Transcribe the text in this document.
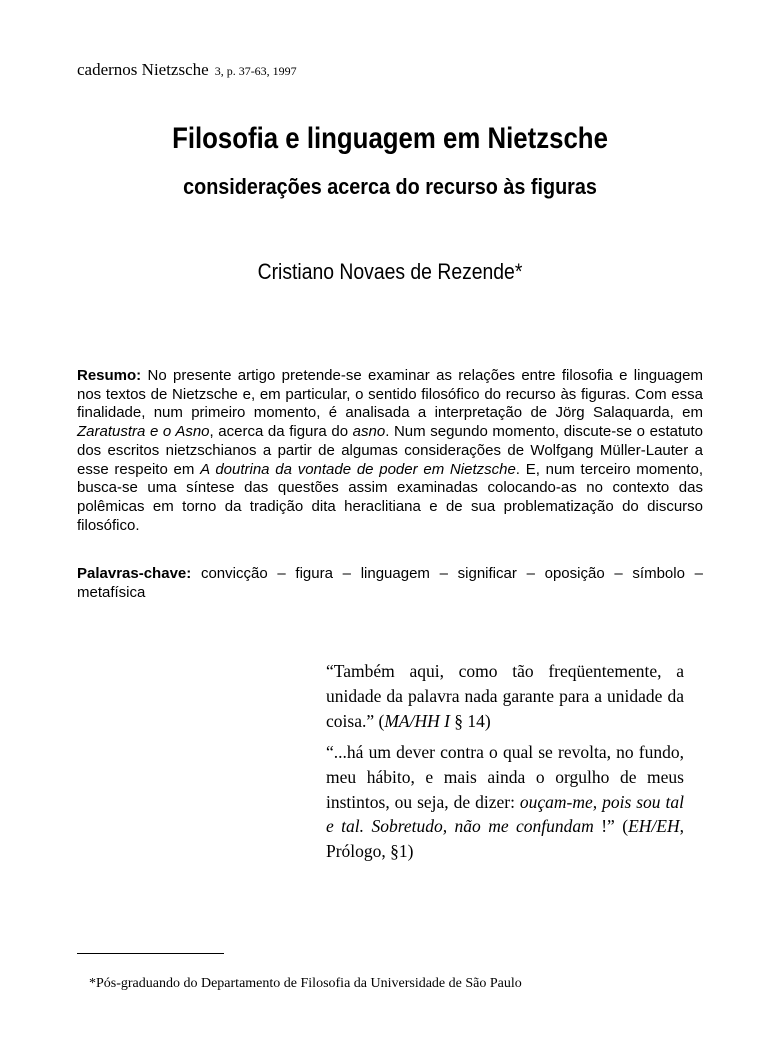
cadernos Nietzsche 3, p. 37-63, 1997
Filosofia e linguagem em Nietzsche
considerações acerca do recurso às figuras
Cristiano Novaes de Rezende*
Resumo: No presente artigo pretende-se examinar as relações entre filosofia e linguagem nos textos de Nietzsche e, em particular, o sentido filosófico do recurso às figuras. Com essa finalidade, num primeiro momento, é analisada a interpretação de Jörg Salaquarda, em Zaratustra e o Asno, acerca da figura do asno. Num segundo momento, discute-se o estatuto dos escritos nietzschianos a partir de algumas considerações de Wolfgang Müller-Lauter a esse respeito em A doutrina da vontade de poder em Nietzsche. E, num terceiro momento, busca-se uma síntese das questões assim examinadas colocando-as no contexto das polêmicas em torno da tradição dita heraclitiana e de sua problematização do discurso filosófico.
Palavras-chave: convicção – figura – linguagem – significar – oposição – símbolo – metafísica
“Também aqui, como tão freqüentemente, a unidade da palavra nada garante para a unidade da coisa.” (MA/HH I § 14)
“...há um dever contra o qual se revolta, no fundo, meu hábito, e mais ainda o orgulho de meus instintos, ou seja, de dizer: ouçam-me, pois sou tal e tal. Sobretudo, não me confundam !” (EH/EH, Prólogo, §1)
*Pós-graduando do Departamento de Filosofia da Universidade de São Paulo
